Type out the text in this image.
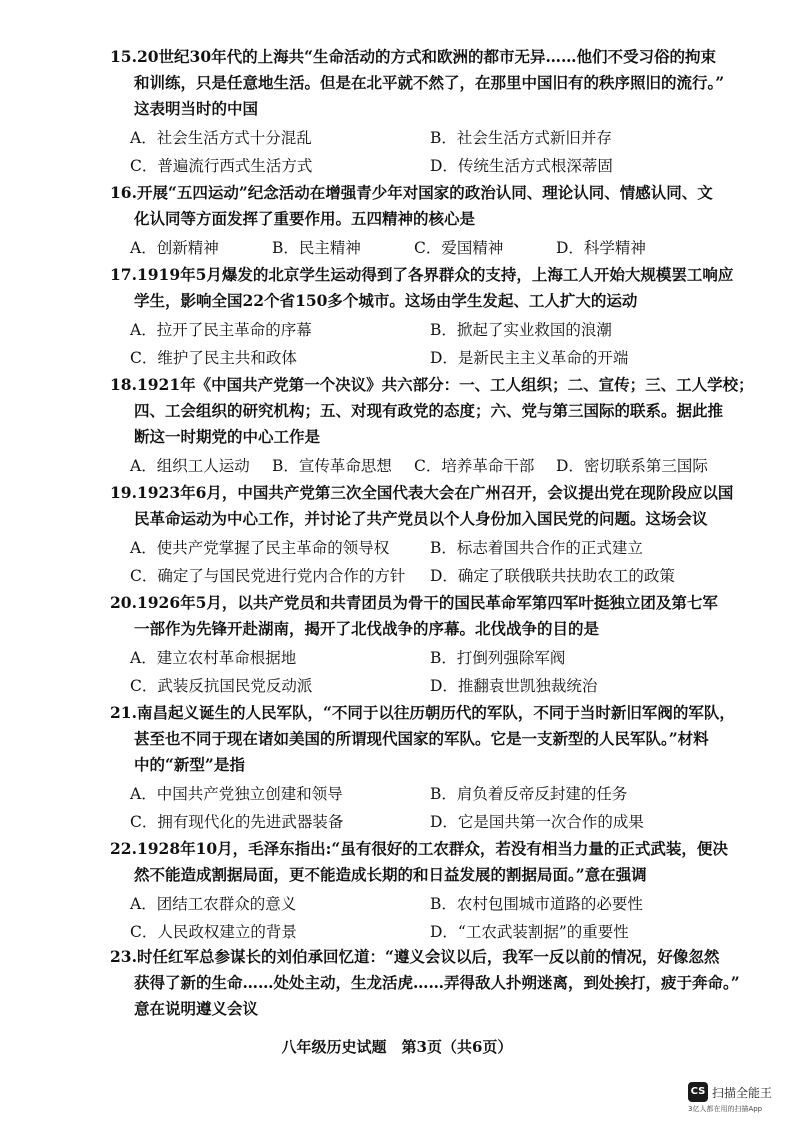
15.20世纪30年代的上海共“生命活动的方式和欧洲的都市无异……他们不受习俗的拘束
和训练，只是任意地生活。但是在北平就不然了，在那里中国旧有的秩序照旧的流行。”
这表明当时的中国
A．社会生活方式十分混乱	B．社会生活方式新旧并存
C．普遍流行西式生活方式	D．传统生活方式根深蒂固
16.开展“五四运动”纪念活动在增强青少年对国家的政治认同、理论认同、情感认同、文
化认同等方面发挥了重要作用。五四精神的核心是
A．创新精神	B．民主精神	C．爱国精神	D．科学精神
17.1919年5月爆发的北京学生运动得到了各界群众的支持，上海工人开始大规模罢工响应
学生，影响全国22个省150多个城市。这场由学生发起、工人扩大的运动
A．拉开了民主革命的序幕	B．掀起了实业救国的浪潮
C．维护了民主共和政体	D．是新民主主义革命的开端
18.1921年《中国共产党第一个决议》共六部分：一、工人组织；二、宣传；三、工人学校；
四、工会组织的研究机构；五、对现有政党的态度；六、党与第三国际的联系。据此推
断这一时期党的中心工作是
A．组织工人运动	B．宣传革命思想	C．培养革命干部	D．密切联系第三国际
19.1923年6月，中国共产党第三次全国代表大会在广州召开，会议提出党在现阶段应以国
民革命运动为中心工作，并讨论了共产党员以个人身份加入国民党的问题。这场会议
A．使共产党掌握了民主革命的领导权	B．标志着国共合作的正式建立
C．确定了与国民党进行党内合作的方针	D．确定了联俄联共扶助农工的政策
20.1926年5月，以共产党员和共青团员为骨干的国民革命军第四军叶挺独立团及第七军
一部作为先锋开赴湖南，揭开了北伐战争的序幕。北伐战争的目的是
A．建立农村革命根据地	B．打倒列强除军阀
C．武装反抗国民党反动派	D．推翻袁世凯独裁统治
21.南昌起义诞生的人民军队，“不同于以往历朝历代的军队，不同于当时新旧军阀的军队，
甚至也不同于现在诸如美国的所谓现代国家的军队。它是一支新型的人民军队。”材料
中的“新型”是指
A．中国共产党独立创建和领导	B．肩负着反帝反封建的任务
C．拥有现代化的先进武器装备	D．它是国共第一次合作的成果
22.1928年10月，毛泽东指出:“虽有很好的工农群众，若没有相当力量的正式武装，便决
然不能造成割据局面，更不能造成长期的和日益发展的割据局面。”意在强调
A．团结工农群众的意义	B．农村包围城市道路的必要性
C．人民政权建立的背景	D．“工农武装割据”的重要性
23.时任红军总参谋长的刘伯承回忆道：“遵义会议以后，我军一反以前的情况，好像忽然
获得了新的生命……处处主动，生龙活虎……弄得敌人扑朔迷离，到处挨打，疲于奔命。”
意在说明遵义会议
八年级历史试题　第3页（共6页）
CS 扫描全能王
3亿人都在用的扫描App
